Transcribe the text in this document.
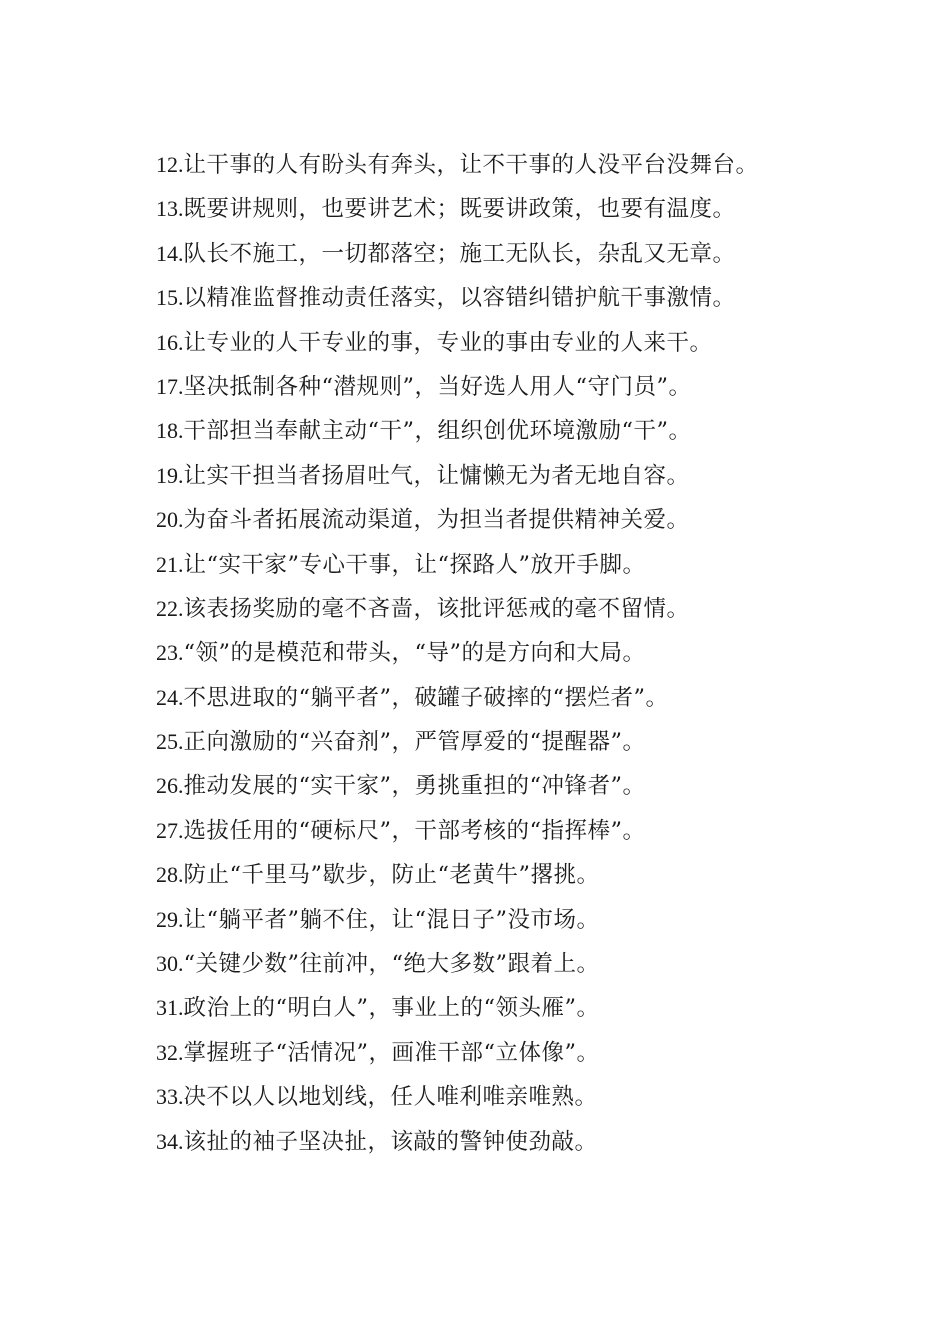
12.让干事的人有盼头有奔头，让不干事的人没平台没舞台。
13.既要讲规则，也要讲艺术；既要讲政策，也要有温度。
14.队长不施工，一切都落空；施工无队长，杂乱又无章。
15.以精准监督推动责任落实，以容错纠错护航干事激情。
16.让专业的人干专业的事，专业的事由专业的人来干。
17.坚决抵制各种“潜规则”，当好选人用人“守门员”。
18.干部担当奉献主动“干”，组织创优环境激励“干”。
19.让实干担当者扬眉吐气，让慵懒无为者无地自容。
20.为奋斗者拓展流动渠道，为担当者提供精神关爱。
21.让“实干家”专心干事，让“探路人”放开手脚。
22.该表扬奖励的毫不吝啬，该批评惩戒的毫不留情。
23.“领”的是模范和带头，“导”的是方向和大局。
24.不思进取的“躺平者”，破罐子破摔的“摆烂者”。
25.正向激励的“兴奋剂”，严管厚爱的“提醒器”。
26.推动发展的“实干家”，勇挑重担的“冲锋者”。
27.选拔任用的“硬标尺”，干部考核的“指挥棒”。
28.防止“千里马”歇步，防止“老黄牛”撂挑。
29.让“躺平者”躺不住，让“混日子”没市场。
30.“关键少数”往前冲，“绝大多数”跟着上。
31.政治上的“明白人”，事业上的“领头雁”。
32.掌握班子“活情况”，画准干部“立体像”。
33.决不以人以地划线，任人唯利唯亲唯熟。
34.该扯的袖子坚决扯，该敲的警钟使劲敲。
